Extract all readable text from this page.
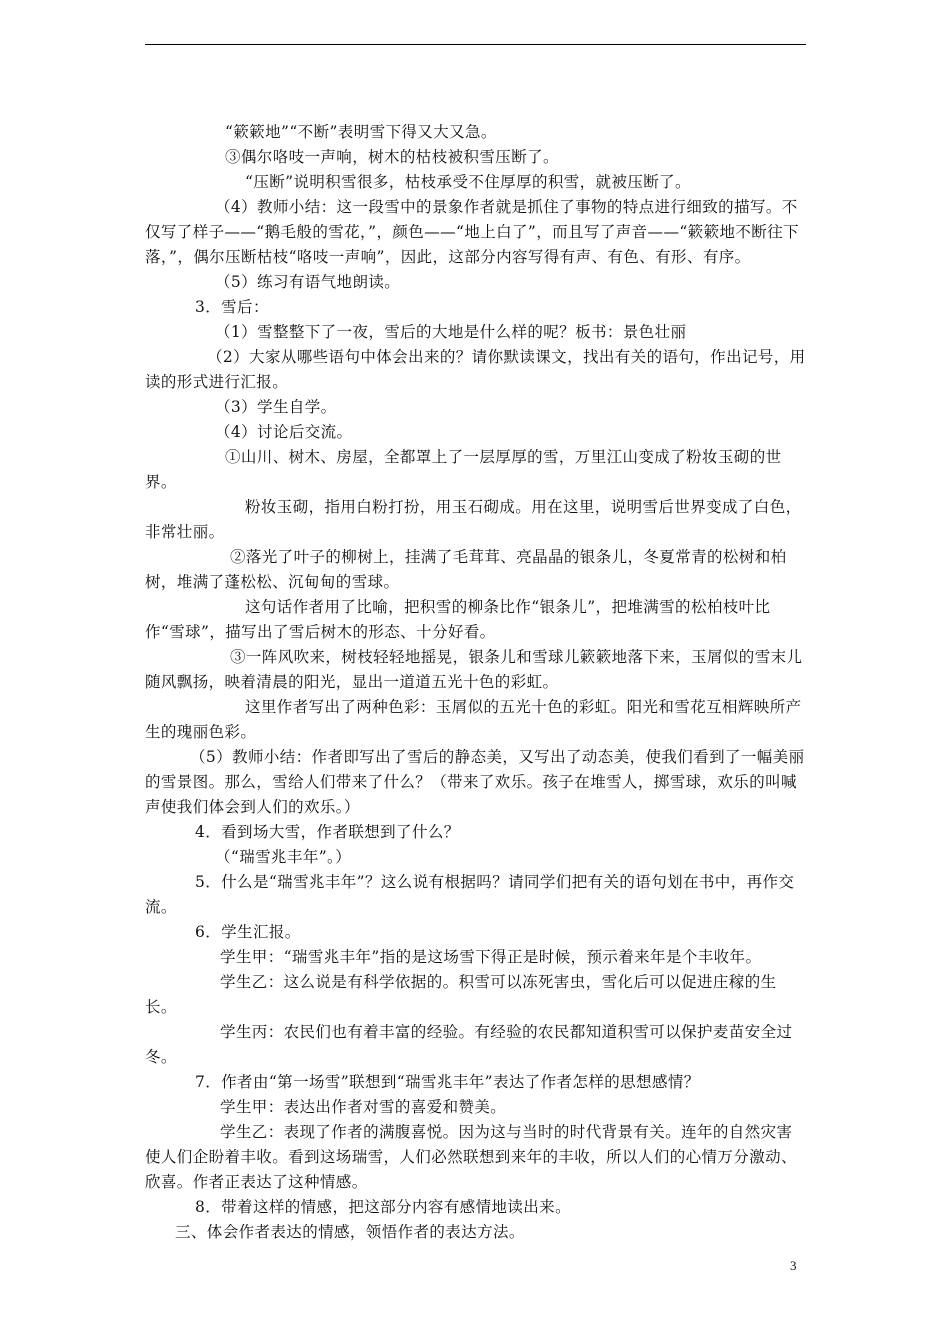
“簌簌地”“不断”表明雪下得又大又急。

③偶尔咯吱一声响，树木的枯枝被积雪压断了。

“压断”说明积雪很多，枯枝承受不住厚厚的积雪，就被压断了。

（4）教师小结：这一段雪中的景象作者就是抓住了事物的特点进行细致的描写。不仅写了样子——“鹅毛般的雪花，”，颜色——“地上白了”，而且写了声音——“簌簌地不断往下落，”，偶尔压断枯枝“咯吱一声响”，因此，这部分内容写得有声、有色、有形、有序。

（5）练习有语气地朗读。

3．雪后：

（1）雪整整下了一夜，雪后的大地是什么样的呢？板书：景色壮丽

（2）大家从哪些语句中体会出来的？请你默读课文，找出有关的语句，作出记号，用读的形式进行汇报。

（3）学生自学。

（4）讨论后交流。

①山川、树木、房屋，全都罩上了一层厚厚的雪，万里江山变成了粉妆玉砌的世界。

粉妆玉砌，指用白粉打扮，用玉石砌成。用在这里，说明雪后世界变成了白色，非常壮丽。

②落光了叶子的柳树上，挂满了毛茸茸、亮晶晶的银条儿，冬夏常青的松树和柏树，堆满了蓬松松、沉甸甸的雪球。

这句话作者用了比喻，把积雪的柳条比作“银条儿”，把堆满雪的松柏枝叶比作“雪球”，描写出了雪后树木的形态、十分好看。

③一阵风吹来，树枝轻轻地摇晃，银条儿和雪球儿簌簌地落下来，玉屑似的雪末儿随风飘扬，映着清晨的阳光，显出一道道五光十色的彩虹。

这里作者写出了两种色彩：玉屑似的五光十色的彩虹。阳光和雪花互相辉映所产生的瑰丽色彩。

（5）教师小结：作者即写出了雪后的静态美，又写出了动态美，使我们看到了一幅美丽的雪景图。那么，雪给人们带来了什么？（带来了欢乐。孩子在堆雪人，掷雪球，欢乐的叫喊声使我们体会到人们的欢乐。）

4．看到场大雪，作者联想到了什么？

（“瑞雪兆丰年”。）

5．什么是“瑞雪兆丰年”？这么说有根据吗？请同学们把有关的语句划在书中，再作交流。

6．学生汇报。

学生甲：“瑞雪兆丰年”指的是这场雪下得正是时候，预示着来年是个丰收年。

学生乙：这么说是有科学依据的。积雪可以冻死害虫，雪化后可以促进庄稼的生长。

学生丙：农民们也有着丰富的经验。有经验的农民都知道积雪可以保护麦苗安全过冬。

7．作者由“第一场雪”联想到“瑞雪兆丰年”表达了作者怎样的思想感情？

学生甲：表达出作者对雪的喜爱和赞美。

学生乙：表现了作者的满腹喜悦。因为这与当时的时代背景有关。连年的自然灾害使人们企盼着丰收。看到这场瑞雪，人们必然联想到来年的丰收，所以人们的心情万分激动、欣喜。作者正表达了这种情感。

8．带着这样的情感，把这部分内容有感情地读出来。

三、体会作者表达的情感，领悟作者的表达方法。

3
